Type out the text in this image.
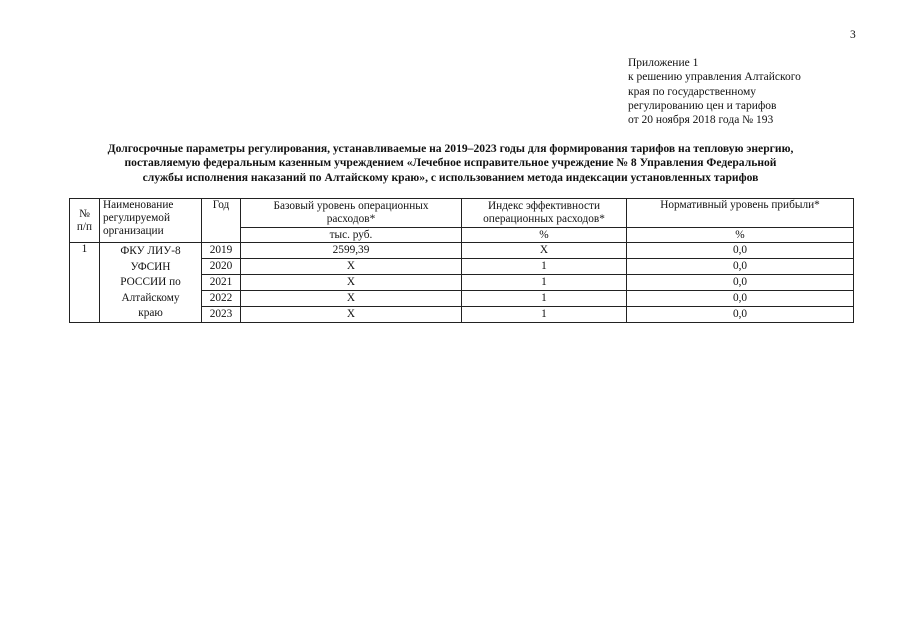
3
Приложение 1
к решению управления Алтайского
края по государственному
регулированию цен и тарифов
от 20 ноября 2018 года № 193
Долгосрочные параметры регулирования, устанавливаемые на 2019–2023 годы для формирования тарифов на тепловую энергию,
поставляемую федеральным казенным учреждением «Лечебное исправительное учреждение № 8 Управления Федеральной
службы исполнения наказаний по Алтайскому краю», с использованием метода индексации установленных тарифов
№
п/п	Наименование
регулируемой
организации	Год	Базовый уровень операционных
расходов*	Индекс эффективности
операционных расходов*	Нормативный уровень прибыли*
			тыс. руб.	%	%
1	ФКУ ЛИУ-8
УФСИН
РОССИИ по
Алтайскому
краю	2019	2599,39	Х	0,0
		2020	Х	1	0,0
		2021	Х	1	0,0
		2022	Х	1	0,0
		2023	Х	1	0,0
